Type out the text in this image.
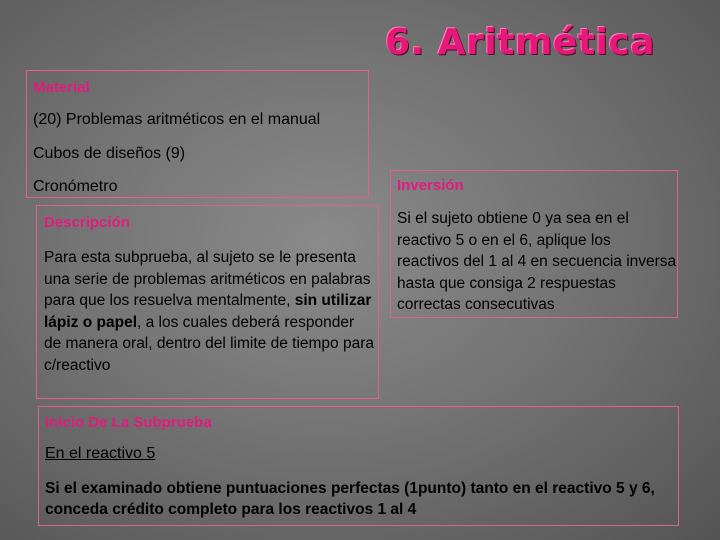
6. Aritmética
Material
(20) Problemas aritméticos en el manual
Cubos de diseños (9)
Cronómetro
Descripción
Para esta subprueba, al sujeto se le presenta una serie de problemas aritméticos en palabras para que los resuelva mentalmente, sin utilizar lápiz o papel, a los cuales deberá responder de manera oral, dentro del limite de tiempo para c/reactivo
Inversión
Si el sujeto obtiene 0 ya sea en el reactivo 5 o en el 6, aplique los reactivos del 1 al 4 en secuencia inversa hasta que consiga 2 respuestas correctas consecutivas
Inicio De La Subprueba
En el reactivo 5
Si el examinado obtiene puntuaciones perfectas (1punto) tanto en el reactivo 5 y 6, conceda crédito completo para los reactivos 1 al 4
